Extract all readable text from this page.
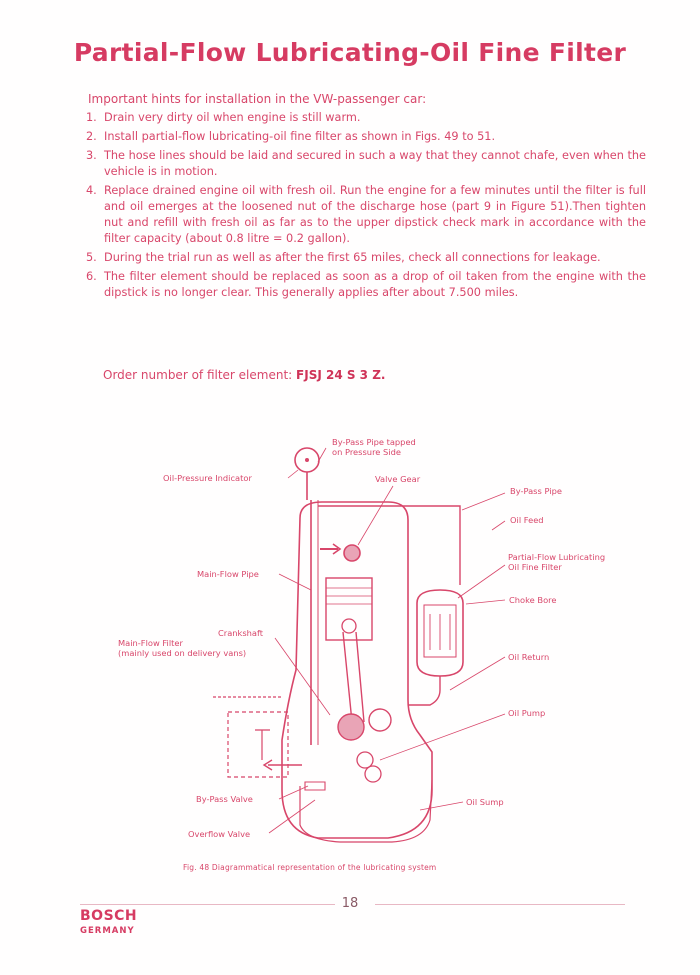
Partial-Flow Lubricating-Oil Fine Filter
Important hints for installation in the VW-passenger car:
1. Drain very dirty oil when engine is still warm.
2. Install partial-flow lubricating-oil fine filter as shown in Figs. 49 to 51.
3. The hose lines should be laid and secured in such a way that they cannot chafe, even when the vehicle is in motion.
4. Replace drained engine oil with fresh oil. Run the engine for a few minutes until the filter is full and oil emerges at the loosened nut of the discharge hose (part 9 in Figure 51).Then tighten nut and refill with fresh oil as far as to the upper dipstick check mark in accordance with the filter capacity (about 0.8 litre = 0.2 gallon).
5. During the trial run as well as after the first 65 miles, check all connections for leakage.
6. The filter element should be replaced as soon as a drop of oil taken from the engine with the dipstick is no longer clear. This generally applies after about 7.500 miles.
Order number of filter element: FJSJ 24 S 3 Z.
By-Pass Pipe tapped
on Pressure Side
Oil-Pressure Indicator	Valve Gear
By-Pass Pipe
Oil Feed
Partial-Flow Lubricating
Oil Fine Filter
Main-Flow Pipe
Choke Bore
Crankshaft
Main-Flow Filter
(mainly used on delivery vans)	Oil Return
Oil Pump
By-Pass Valve	Oil Sump
Overflow Valve
Fig. 48 Diagrammatical representation of the lubricating system
18
BOSCH
GERMANY
